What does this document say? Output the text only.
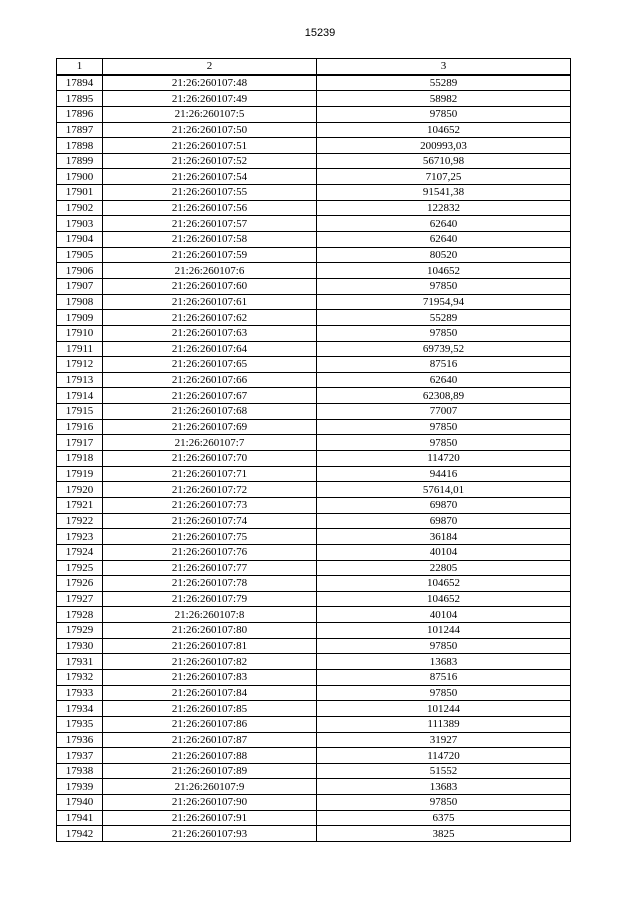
15239
1	2	3
17894	21:26:260107:48	55289
17895	21:26:260107:49	58982
17896	21:26:260107:5	97850
17897	21:26:260107:50	104652
17898	21:26:260107:51	200993,03
17899	21:26:260107:52	56710,98
17900	21:26:260107:54	7107,25
17901	21:26:260107:55	91541,38
17902	21:26:260107:56	122832
17903	21:26:260107:57	62640
17904	21:26:260107:58	62640
17905	21:26:260107:59	80520
17906	21:26:260107:6	104652
17907	21:26:260107:60	97850
17908	21:26:260107:61	71954,94
17909	21:26:260107:62	55289
17910	21:26:260107:63	97850
17911	21:26:260107:64	69739,52
17912	21:26:260107:65	87516
17913	21:26:260107:66	62640
17914	21:26:260107:67	62308,89
17915	21:26:260107:68	77007
17916	21:26:260107:69	97850
17917	21:26:260107:7	97850
17918	21:26:260107:70	114720
17919	21:26:260107:71	94416
17920	21:26:260107:72	57614,01
17921	21:26:260107:73	69870
17922	21:26:260107:74	69870
17923	21:26:260107:75	36184
17924	21:26:260107:76	40104
17925	21:26:260107:77	22805
17926	21:26:260107:78	104652
17927	21:26:260107:79	104652
17928	21:26:260107:8	40104
17929	21:26:260107:80	101244
17930	21:26:260107:81	97850
17931	21:26:260107:82	13683
17932	21:26:260107:83	87516
17933	21:26:260107:84	97850
17934	21:26:260107:85	101244
17935	21:26:260107:86	111389
17936	21:26:260107:87	31927
17937	21:26:260107:88	114720
17938	21:26:260107:89	51552
17939	21:26:260107:9	13683
17940	21:26:260107:90	97850
17941	21:26:260107:91	6375
17942	21:26:260107:93	3825
